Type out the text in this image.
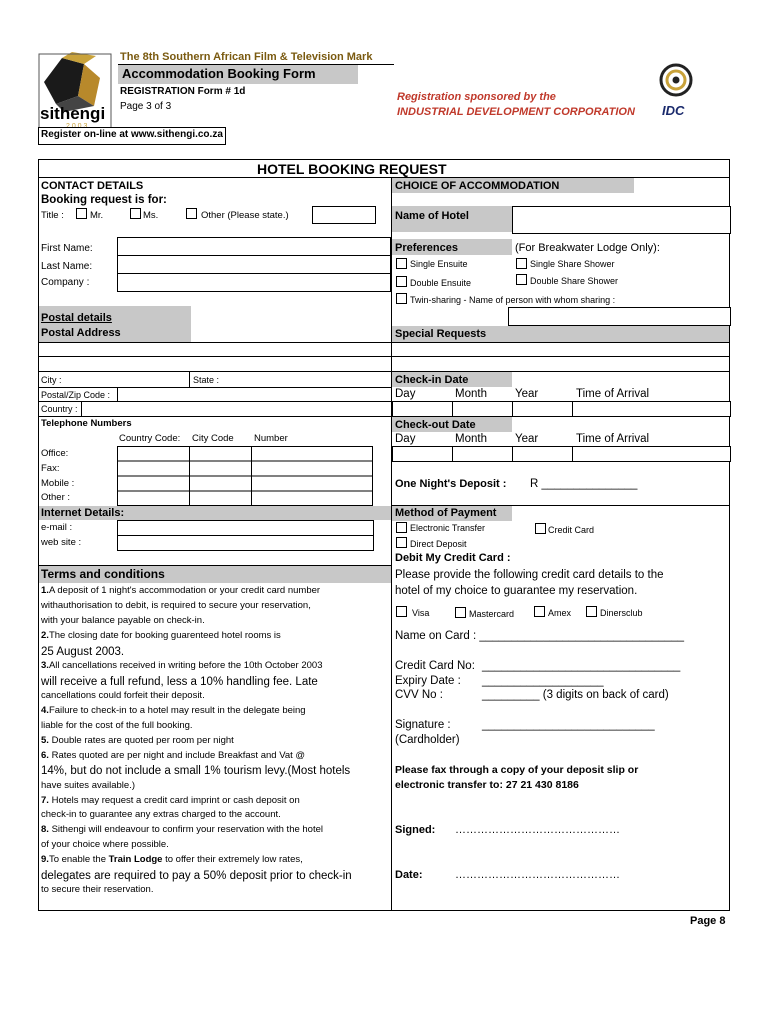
sithengi
The 8th Southern African Film & Television Mark
Accommodation Booking Form
REGISTRATION Form # 1d
Page 3 of 3
Registration sponsored by the
INDUSTRIAL DEVELOPMENT CORPORATION IDC
Register on-line at www.sithengi.co.za
HOTEL BOOKING REQUEST
CONTACT DETAILS
Booking request is for:
Title :	Mr.	Ms.	Other (Please state.)
First Name:
Last Name:
Company :
Postal details
Postal Address
City :	State :
Postal/Zip Code :
Country :
Telephone Numbers
Country Code: City Code Number
Office:
Fax:
Mobile :
Other :
Internet Details:
e-mail :
web site :
Terms and conditions
1.A deposit of 1 night's accommodation or your credit card number
withauthorisation to debit, is required to secure your reservation,
with your balance payable on check-in.
2.The closing date for booking guarenteed hotel rooms is
25 August 2003.
3.All cancellations received in writing before the 10th October 2003
will receive a full refund, less a 10% handling fee. Late
cancellations could forfeit their deposit.
4.Failure to check-in to a hotel may result in the delegate being
liable for the cost of the full booking.
5. Double rates are quoted per room per night
6. Rates quoted are per night and include Breakfast and Vat @
14%, but do not include a small 1% tourism levy.(Most hotels
have suites available.)
7. Hotels may request a credit card imprint or cash deposit on
check-in to guarantee any extras charged to the account.
8. Sithengi will endeavour to confirm your reservation with the hotel
of your choice where possible.
9.To enable the Train Lodge to offer their extremely low rates,
delegates are required to pay a 50% deposit prior to check-in
to secure their reservation.
CHOICE OF ACCOMMODATION
Name of Hotel
Preferences	(For Breakwater Lodge Only):
Single Ensuite	Single Share Shower
Double Ensuite	Double Share Shower
Twin-sharing - Name of person with whom sharing :
Special Requests
Check-in Date
Day	Month Year	Time of Arrival
Check-out Date
Day	Month Year	Time of Arrival
One Night's Deposit : R _______________
Method of Payment
Electronic Transfer	Credit Card
Direct Deposit
Debit My Credit Card :
Please provide the following credit card details to the
hotel of my choice to guarantee my reservation.
Visa	Mastercard	Amex	Dinersclub
Name on Card : ________________________________
Credit Card No: _______________________________
Expiry Date : ___________________
CVV No :	_________ (3 digits on back of card)
Signature :	___________________________
(Cardholder)
Please fax through a copy of your deposit slip or
electronic transfer to: 27 21 430 8186
Signed: ………………………………………
Date:	………………………………………
Page 8
